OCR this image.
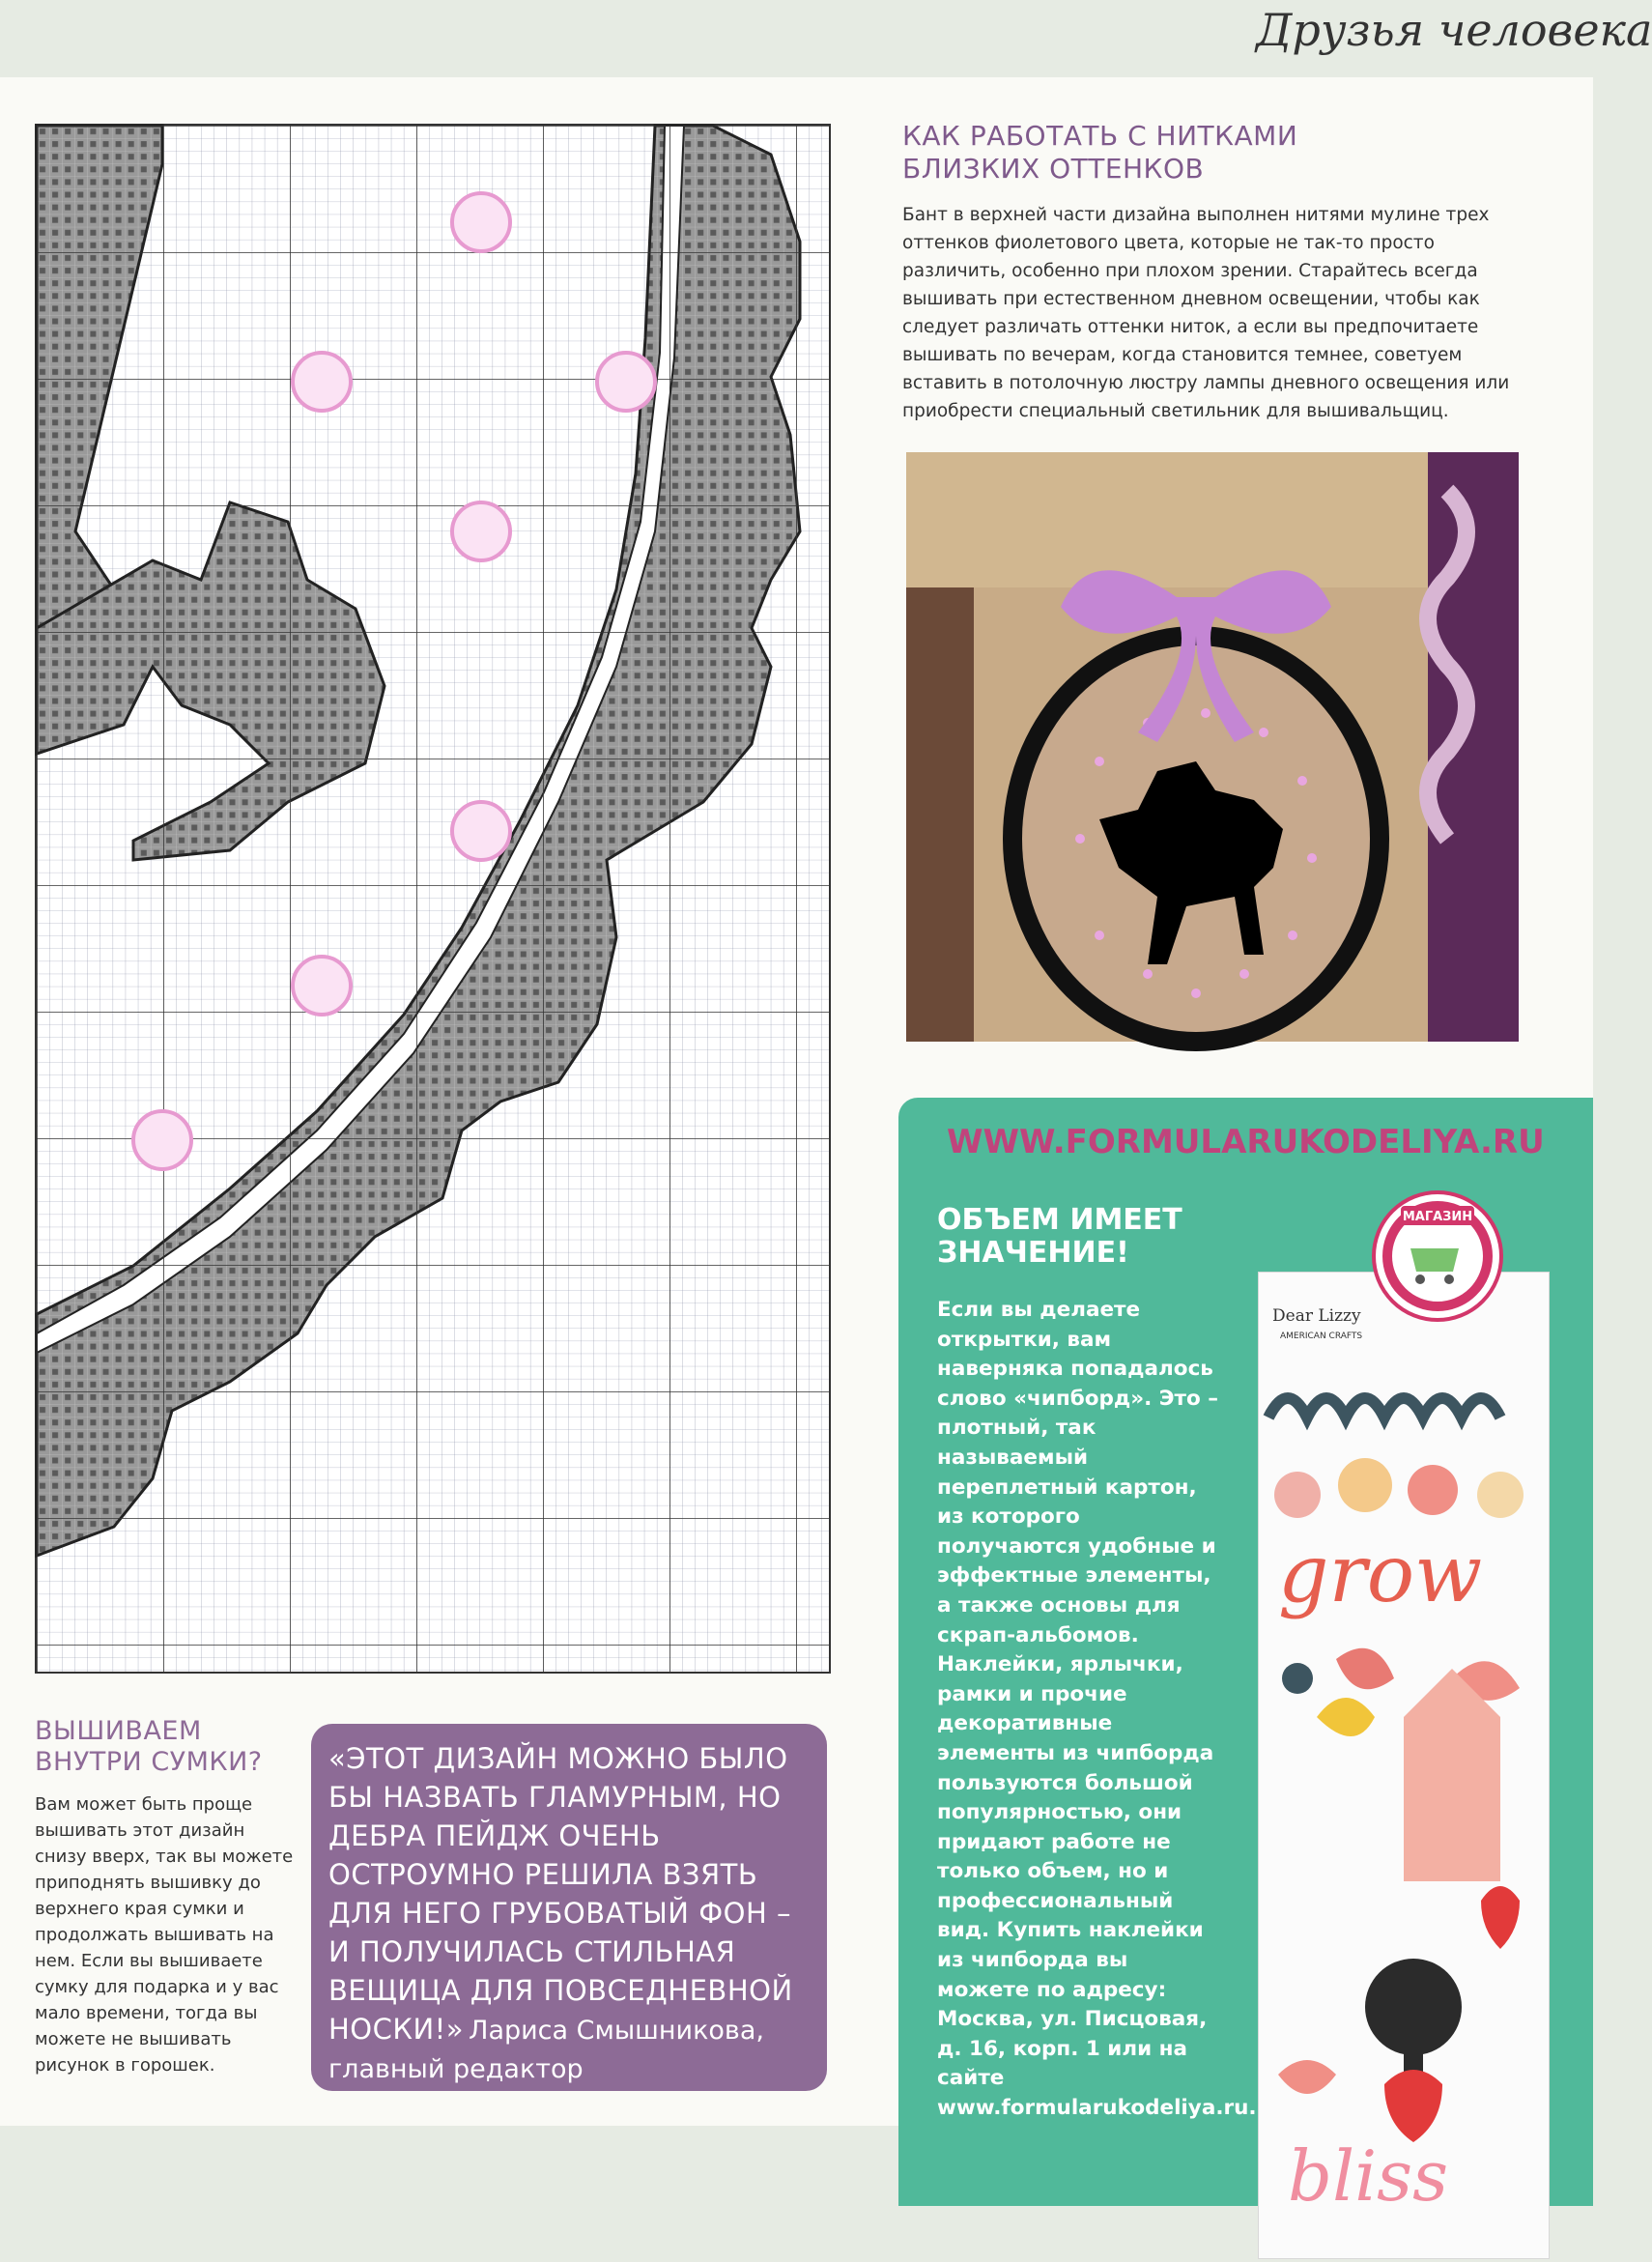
Друзья человека
КАК РАБОТАТЬ С НИТКАМИ
БЛИЗКИХ ОТТЕНКОВ

Бант в верхней части дизайна выполнен нитями мулине трех оттенков фиолетового цвета, которые не так-то просто различить, особенно при плохом зрении. Старайтесь всегда вышивать при естественном дневном освещении, чтобы как следует различать оттенки ниток, а если вы предпочитаете вышивать по вечерам, когда становится темнее, советуем вставить в потолочную люстру лампы дневного освещения или приобрести специальный светильник для вышивальщиц.

ВЫШИВАЕМ
ВНУТРИ СУМКИ?

Вам может быть проще вышивать этот дизайн снизу вверх, так вы можете приподнять вышивку до верхнего края сумки и продолжать вышивать на нем. Если вы вышиваете сумку для подарка и у вас мало времени, тогда вы можете не вышивать рисунок в горошек.

«ЭТОТ ДИЗАЙН МОЖНО БЫЛО БЫ НАЗВАТЬ ГЛАМУРНЫМ, НО ДЕБРА ПЕЙДЖ ОЧЕНЬ ОСТРОУМНО РЕШИЛА ВЗЯТЬ ДЛЯ НЕГО ГРУБОВАТЫЙ ФОН – И ПОЛУЧИЛАСЬ СТИЛЬНАЯ ВЕЩИЦА ДЛЯ ПОВСЕДНЕВНОЙ НОСКИ!» Лариса Смышникова, главный редактор
WWW.FORMULARUKODELIYA.RU
ОБЪЕМ ИМЕЕТ
ЗНАЧЕНИЕ!
Если вы делаете открытки, вам наверняка попадалось слово «чипборд». Это – плотный, так называемый переплетный картон, из которого получаются удобные и эффектные элементы, а также основы для скрап-альбомов. Наклейки, ярлычки, рамки и прочие декоративные элементы из чипборда пользуются большой популярностью, они придают работе не только объем, но и профессиональный вид. Купить наклейки из чипборда вы можете по адресу: Москва, ул. Писцовая, д. 16, корп. 1 или на сайте www.formularukodeliya.ru.
Dear Lizzy
AMERICAN CRAFTS
grow
bliss
МАГАЗИН
